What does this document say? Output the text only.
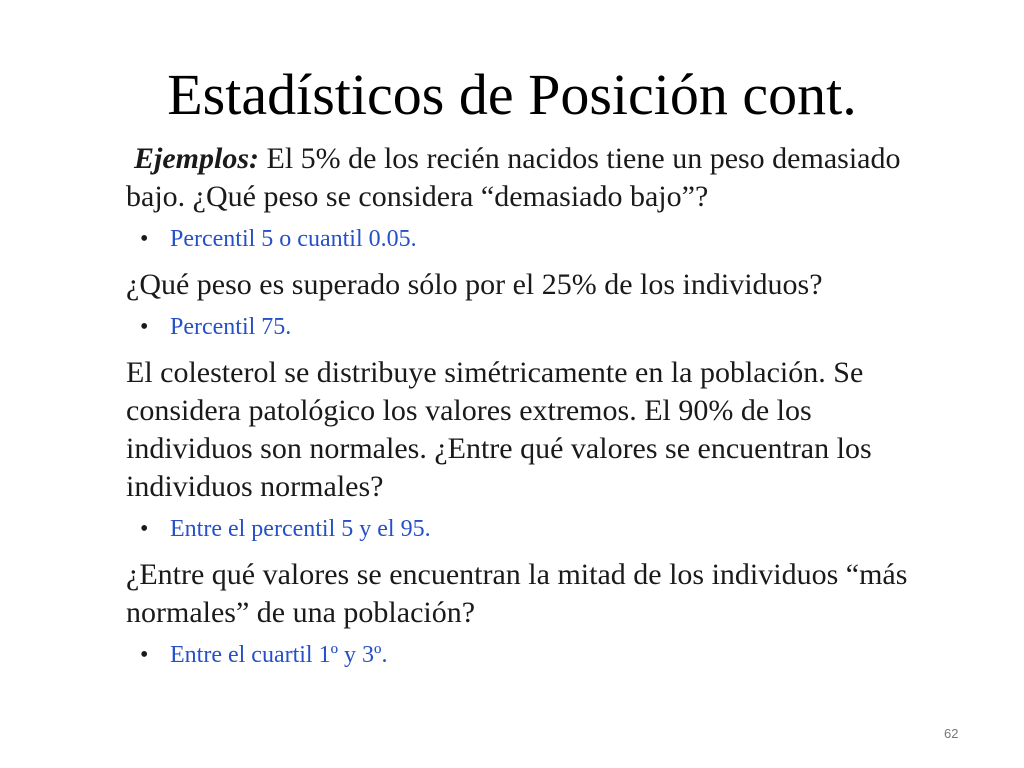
Estadísticos de Posición cont.

Ejemplos: El 5% de los recién nacidos tiene un peso demasiado bajo. ¿Qué peso se considera “demasiado bajo”?

• Percentil 5 o cuantil 0.05.

¿Qué peso es superado sólo por el 25% de los individuos?

• Percentil 75.

El colesterol se distribuye simétricamente en la población. Se considera patológico los valores extremos. El 90% de los individuos son normales. ¿Entre qué valores se encuentran los individuos normales?

• Entre el percentil 5 y el 95.

¿Entre qué valores se encuentran la mitad de los individuos “más normales” de una población?

• Entre el cuartil 1º y 3º.
62
